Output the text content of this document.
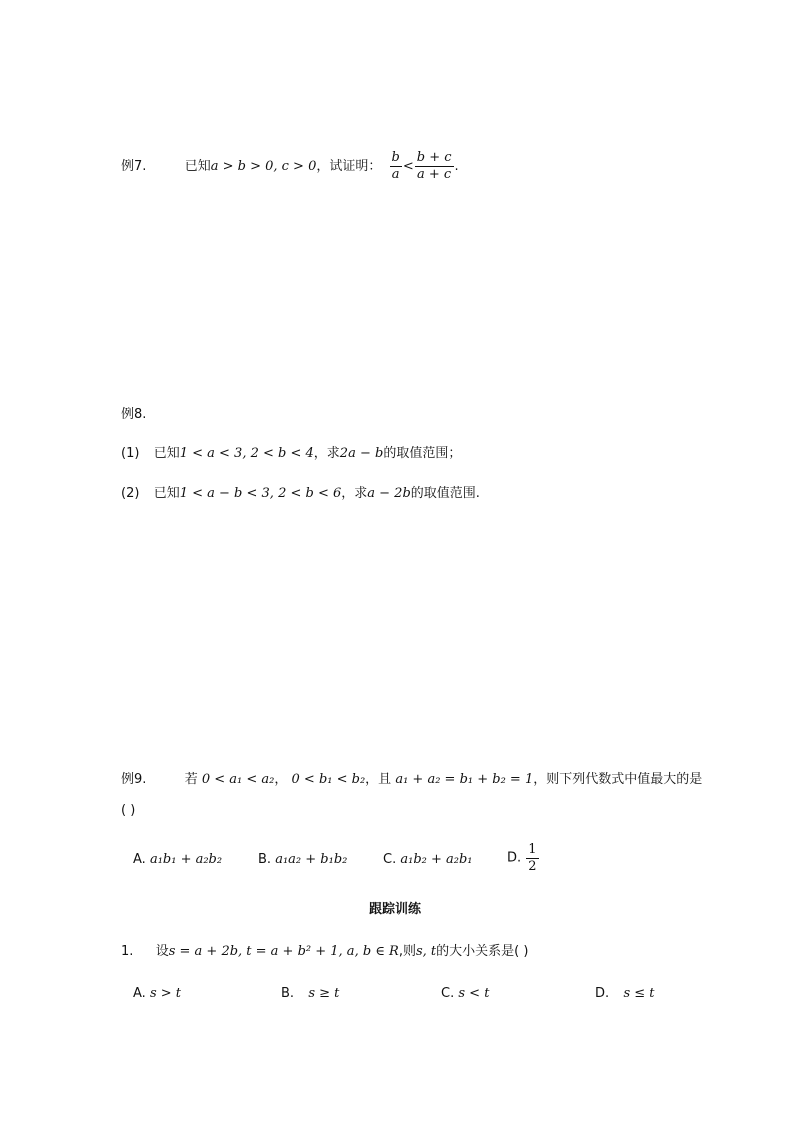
例7.	已知a > b > 0, c > 0，试证明： $\frac{b}{a} < \frac{b + c}{a + c}$ .
例8.
(1) 已知1 < a < 3, 2 < b < 4，求2a − b的取值范围；
(2) 已知1 < a − b < 3, 2 < b < 6，求a − 2b的取值范围.
例9.	若 0 < a₁ < a₂， 0 < b₁ < b₂，且 a₁ + a₂ = b₁ + b₂ = 1，则下列代数式中值最大的是
( )
A. a₁b₁ + a₂b₂	B. a₁a₂ + b₁b₂	C. a₁b₂ + a₂b₁	D. $\frac{1}{2}$
跟踪训练
1. 设s = a + 2b, t = a + b² + 1, a, b ∈ R,则s, t的大小关系是( )
A. s > t	B. s ≥ t	C. s < t	D. s ≤ t
